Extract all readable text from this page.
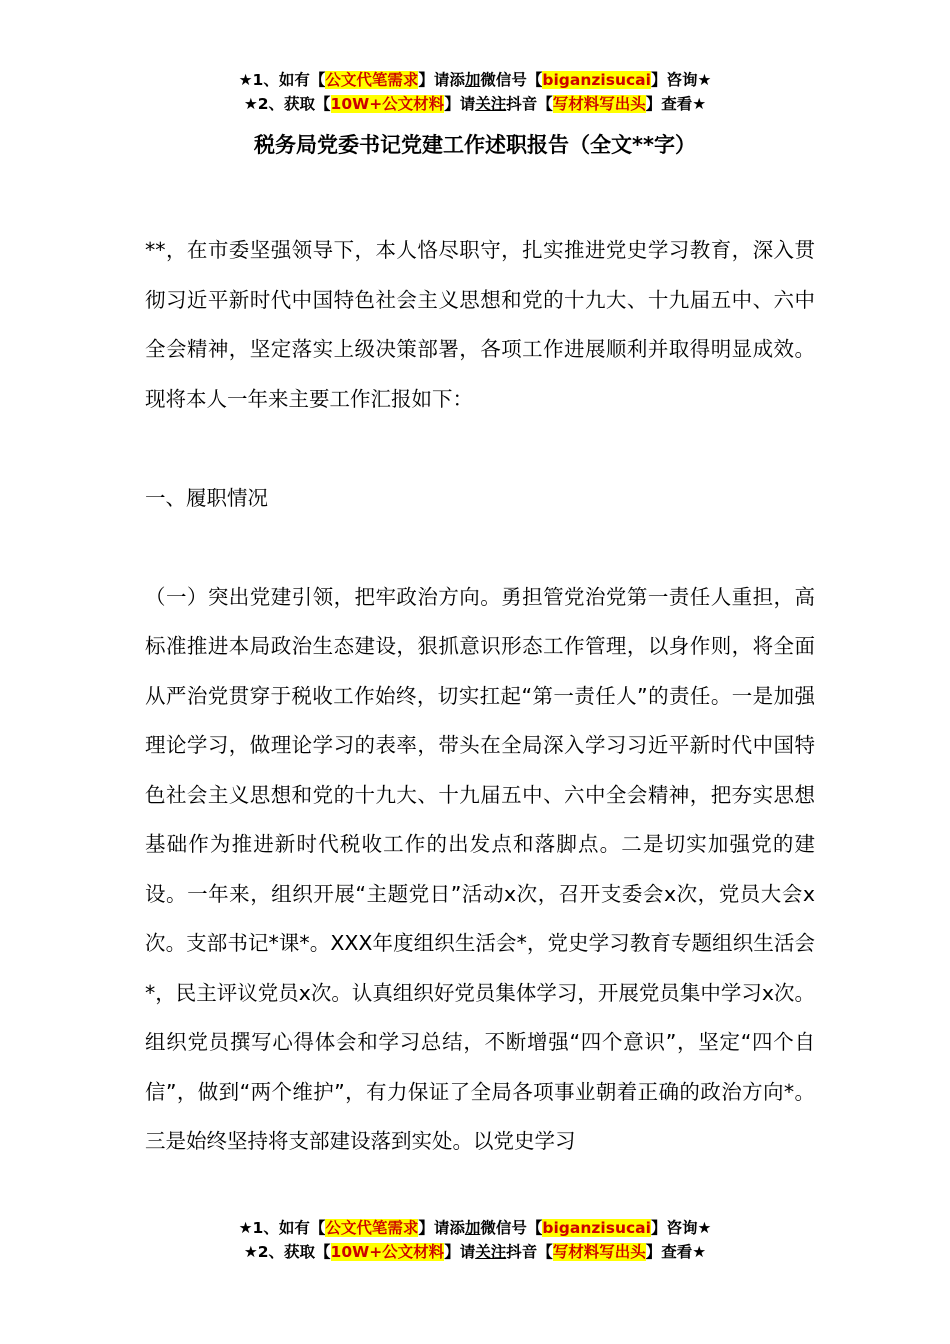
★1、如有【公文代笔需求】请添加微信号【biganzisucai】咨询★
★2、获取【10W+公文材料】请关注抖音【写材料写出头】查看★
税务局党委书记党建工作述职报告（全文**字）

**，在市委坚强领导下，本人恪尽职守，扎实推进党史学习教育，深入贯彻习近平新时代中国特色社会主义思想和党的十九大、十九届五中、六中全会精神，坚定落实上级决策部署，各项工作进展顺利并取得明显成效。现将本人一年来主要工作汇报如下：

一、履职情况

（一）突出党建引领，把牢政治方向。勇担管党治党第一责任人重担，高标准推进本局政治生态建设，狠抓意识形态工作管理，以身作则，将全面从严治党贯穿于税收工作始终，切实扛起“第一责任人”的责任。一是加强理论学习，做理论学习的表率，带头在全局深入学习习近平新时代中国特色社会主义思想和党的十九大、十九届五中、六中全会精神，把夯实思想基础作为推进新时代税收工作的出发点和落脚点。二是切实加强党的建设。一年来，组织开展“主题党日”活动x次，召开支委会x次，党员大会x次。支部书记*课*。XXX年度组织生活会*，党史学习教育专题组织生活会*，民主评议党员x次。认真组织好党员集体学习，开展党员集中学习x次。组织党员撰写心得体会和学习总结，不断增强“四个意识”，坚定“四个自信”，做到“两个维护”，有力保证了全局各项事业朝着正确的政治方向*。三是始终坚持将支部建设落到实处。以党史学习

★1、如有【公文代笔需求】请添加微信号【biganzisucai】咨询★
★2、获取【10W+公文材料】请关注抖音【写材料写出头】查看★
